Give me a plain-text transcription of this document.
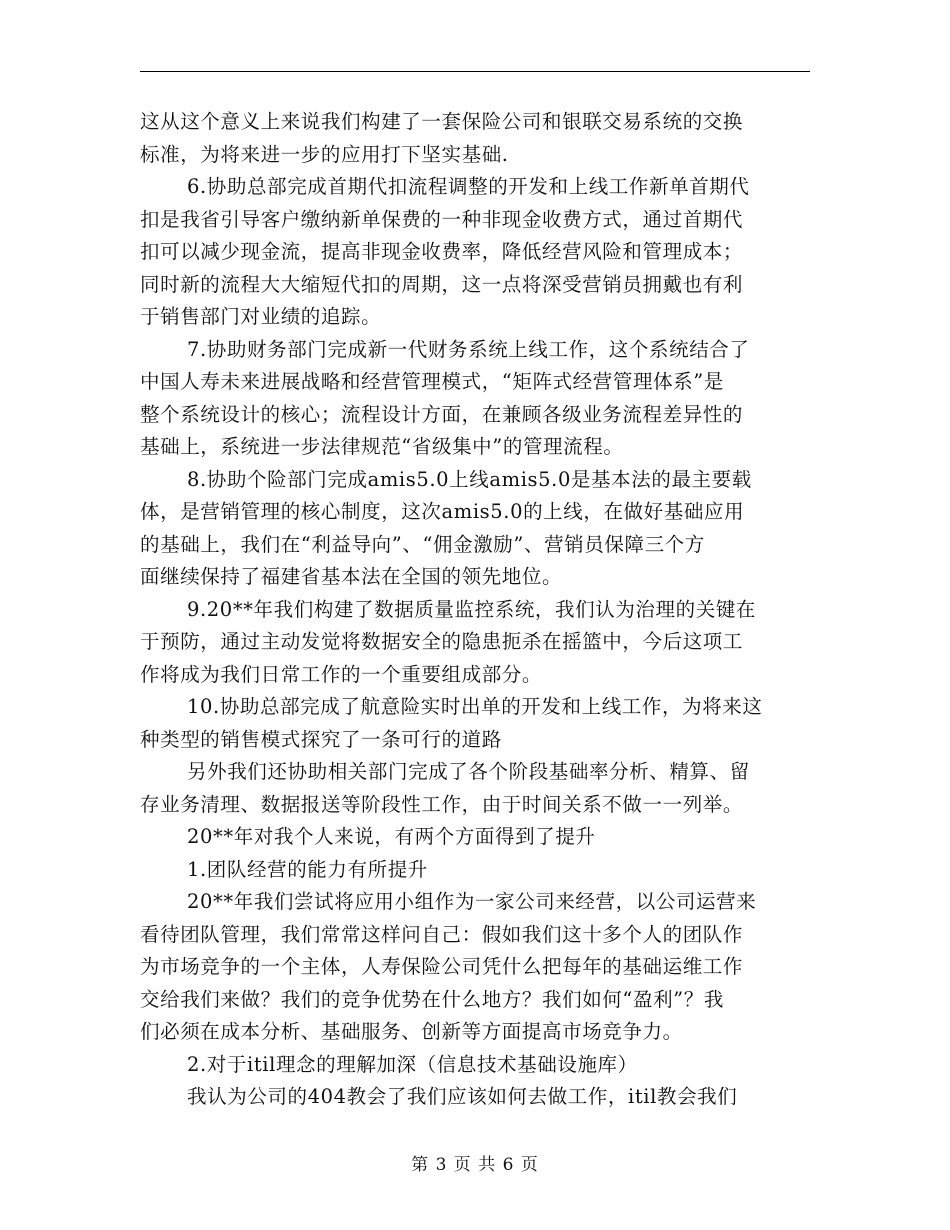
这从这个意义上来说我们构建了一套保险公司和银联交易系统的交换
标准，为将来进一步的应用打下坚实基础.
6.协助总部完成首期代扣流程调整的开发和上线工作新单首期代
扣是我省引导客户缴纳新单保费的一种非现金收费方式，通过首期代
扣可以减少现金流，提高非现金收费率，降低经营风险和管理成本；
同时新的流程大大缩短代扣的周期，这一点将深受营销员拥戴也有利
于销售部门对业绩的追踪。
7.协助财务部门完成新一代财务系统上线工作，这个系统结合了
中国人寿未来进展战略和经营管理模式，“矩阵式经营管理体系”是
整个系统设计的核心；流程设计方面，在兼顾各级业务流程差异性的
基础上，系统进一步法律规范“省级集中”的管理流程。
8.协助个险部门完成amis5.0上线amis5.0是基本法的最主要载
体，是营销管理的核心制度，这次amis5.0的上线，在做好基础应用
的基础上，我们在“利益导向”、“佣金激励”、营销员保障三个方
面继续保持了福建省基本法在全国的领先地位。
9.20**年我们构建了数据质量监控系统，我们认为治理的关键在
于预防，通过主动发觉将数据安全的隐患扼杀在摇篮中，今后这项工
作将成为我们日常工作的一个重要组成部分。
10.协助总部完成了航意险实时出单的开发和上线工作，为将来这
种类型的销售模式探究了一条可行的道路
另外我们还协助相关部门完成了各个阶段基础率分析、精算、留
存业务清理、数据报送等阶段性工作，由于时间关系不做一一列举。
20**年对我个人来说，有两个方面得到了提升
1.团队经营的能力有所提升
20**年我们尝试将应用小组作为一家公司来经营，以公司运营来
看待团队管理，我们常常这样问自己：假如我们这十多个人的团队作
为市场竞争的一个主体，人寿保险公司凭什么把每年的基础运维工作
交给我们来做？我们的竞争优势在什么地方？我们如何“盈利”？我
们必须在成本分析、基础服务、创新等方面提高市场竞争力。
2.对于itil理念的理解加深（信息技术基础设施库）
我认为公司的404教会了我们应该如何去做工作，itil教会我们
第 3 页 共 6 页
